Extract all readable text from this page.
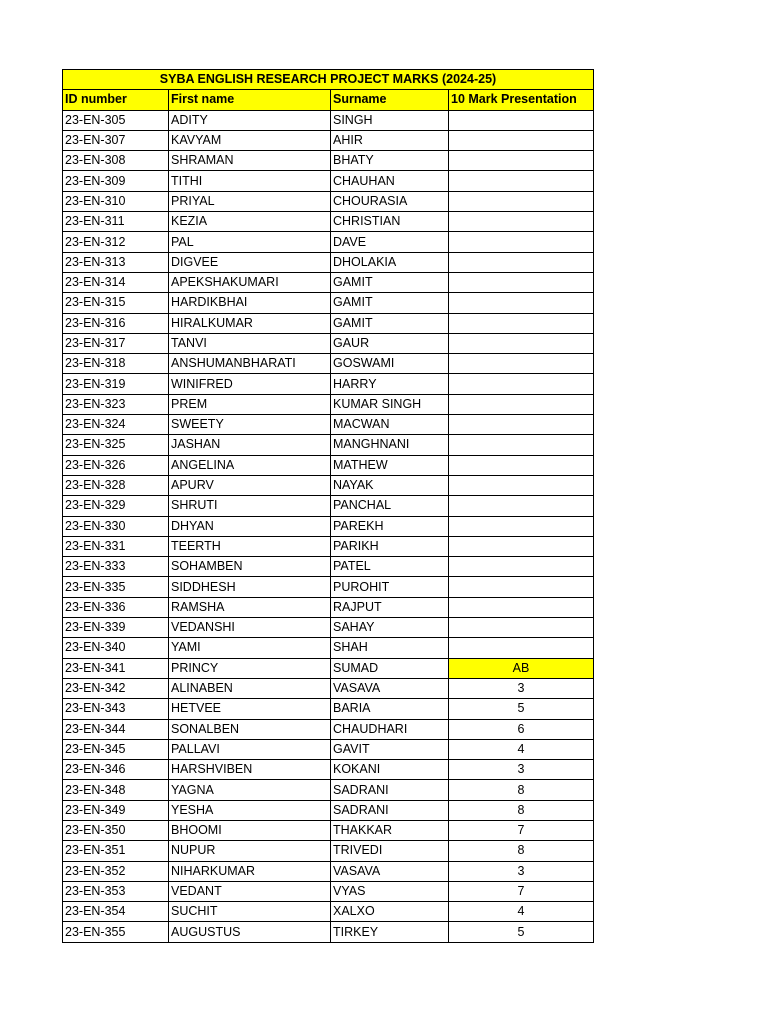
SYBA ENGLISH RESEARCH PROJECT MARKS (2024-25)			
ID number	First name	Surname	10 Mark Presentation
23-EN-305	ADITY	SINGH	
23-EN-307	KAVYAM	AHIR	
23-EN-308	SHRAMAN	BHATY	
23-EN-309	TITHI	CHAUHAN	
23-EN-310	PRIYAL	CHOURASIA	
23-EN-311	KEZIA	CHRISTIAN	
23-EN-312	PAL	DAVE	
23-EN-313	DIGVEE	DHOLAKIA	
23-EN-314	APEKSHAKUMARI	GAMIT	
23-EN-315	HARDIKBHAI	GAMIT	
23-EN-316	HIRALKUMAR	GAMIT	
23-EN-317	TANVI	GAUR	
23-EN-318	ANSHUMANBHARATI	GOSWAMI	
23-EN-319	WINIFRED	HARRY	
23-EN-323	PREM	KUMAR SINGH	
23-EN-324	SWEETY	MACWAN	
23-EN-325	JASHAN	MANGHNANI	
23-EN-326	ANGELINA	MATHEW	
23-EN-328	APURV	NAYAK	
23-EN-329	SHRUTI	PANCHAL	
23-EN-330	DHYAN	PAREKH	
23-EN-331	TEERTH	PARIKH	
23-EN-333	SOHAMBEN	PATEL	
23-EN-335	SIDDHESH	PUROHIT	
23-EN-336	RAMSHA	RAJPUT	
23-EN-339	VEDANSHI	SAHAY	
23-EN-340	YAMI	SHAH	
23-EN-341	PRINCY	SUMAD	AB
23-EN-342	ALINABEN	VASAVA	3
23-EN-343	HETVEE	BARIA	5
23-EN-344	SONALBEN	CHAUDHARI	6
23-EN-345	PALLAVI	GAVIT	4
23-EN-346	HARSHVIBEN	KOKANI	3
23-EN-348	YAGNA	SADRANI	8
23-EN-349	YESHA	SADRANI	8
23-EN-350	BHOOMI	THAKKAR	7
23-EN-351	NUPUR	TRIVEDI	8
23-EN-352	NIHARKUMAR	VASAVA	3
23-EN-353	VEDANT	VYAS	7
23-EN-354	SUCHIT	XALXO	4
23-EN-355	AUGUSTUS	TIRKEY	5
